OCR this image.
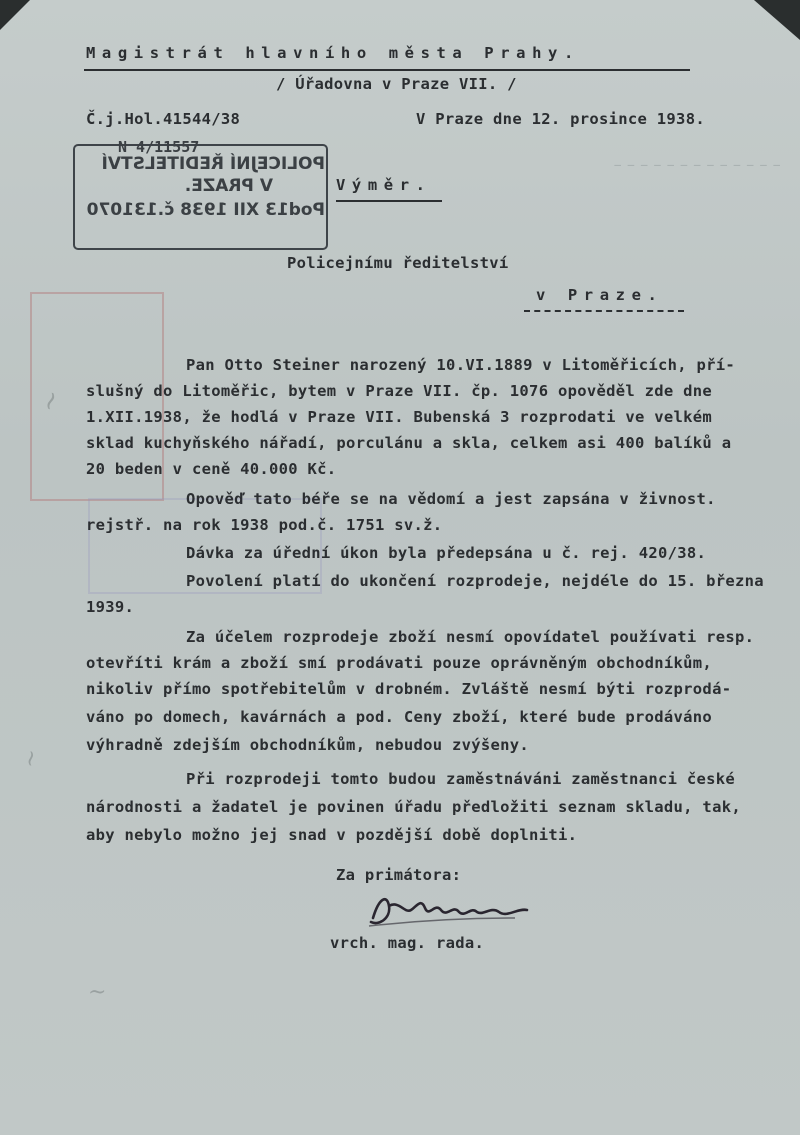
— — — — — — — — — — — — —
Magistrát hlavního města Prahy.
/ Úřadovna v Praze VII. /
Č.j.Hol.41544/38	V Praze dne 12. prosince 1938.
POLICEJNÍ ŘEDITELSTVÍ
V PRAZE.
Pod13 XII 1938 č.131070
N 4/11557
Výměr.
Policejnímu ředitelství
v Praze.
Pan Otto Steiner narozený 10.VI.1889 v Litoměřicích, pří-
slušný do Litoměřic, bytem v Praze VII. čp. 1076 opověděl zde dne
1.XII.1938, že hodlá v Praze VII. Bubenská 3 rozprodati ve velkém
sklad kuchyňského nářadí, porculánu a skla, celkem asi 400 balíků a
20 beden v ceně 40.000 Kč.
Opověď tato béře se na vědomí a jest zapsána v živnost.
rejstř. na rok 1938 pod.č. 1751 sv.ž.
Dávka za úřední úkon byla předepsána u č. rej. 420/38.
Povolení platí do ukončení rozprodeje, nejdéle do 15. března
1939.
Za účelem rozprodeje zboží nesmí opovídatel používati resp.
otevříti krám a zboží smí prodávati pouze oprávněným obchodníkům,
nikoliv přímo spotřebitelům v drobném. Zvláště nesmí býti rozprodá-
váno po domech, kavárnách a pod. Ceny zboží, které bude prodáváno
výhradně zdejším obchodníkům, nebudou zvýšeny.
Při rozprodeji tomto budou zaměstnáváni zaměstnanci české
národnosti a žadatel je povinen úřadu předložiti seznam skladu, tak,
aby nebylo možno jej snad v pozdější době doplniti.
Za primátora:
vrch. mag. rada.
~
~
~
